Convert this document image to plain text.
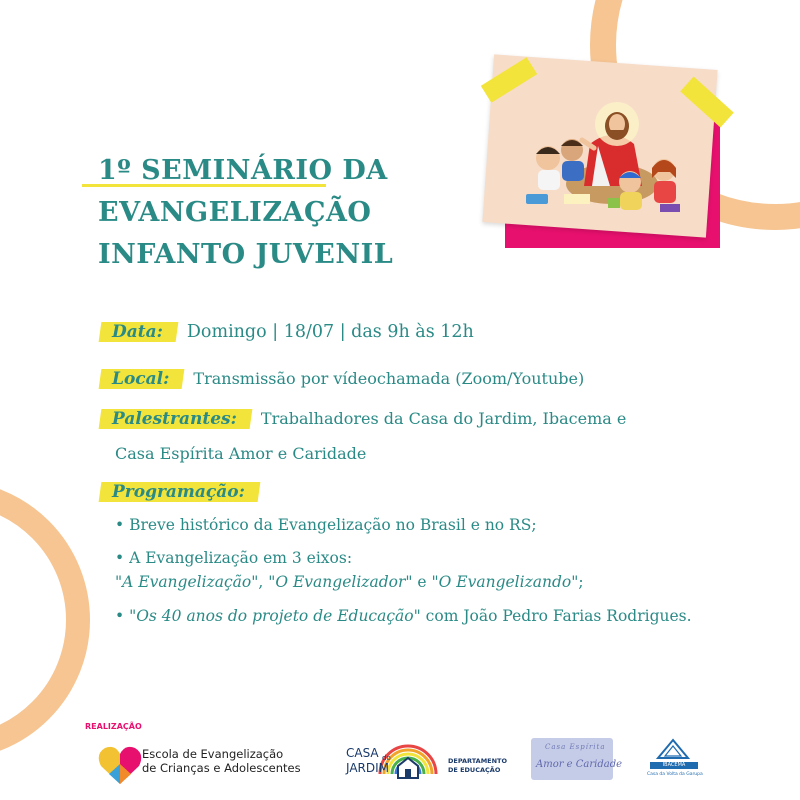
1º SEMINÁRIO DA
EVANGELIZAÇÃO
INFANTO JUVENIL
Data: Domingo | 18/07 | das 9h às 12h
Local: Transmissão por vídeochamada (Zoom/Youtube)
Palestrantes: Trabalhadores da Casa do Jardim, Ibacema e
Casa Espírita Amor e Caridade
Programação:
• Breve histórico da Evangelização no Brasil e no RS;
• A Evangelização em 3 eixos:
"A Evangelização", "O Evangelizador" e "O Evangelizando";
• "Os 40 anos do projeto de Educação" com João Pedro Farias Rodrigues.
REALIZAÇÃO
Escola de Evangelização
de Crianças e Adolescentes
CASA do
JARDIM	DEPARTAMENTO
DE EDUCAÇÃO
Casa Espírita
Amor e Caridade	IBACEMA
Casa da Volta da Garupa
